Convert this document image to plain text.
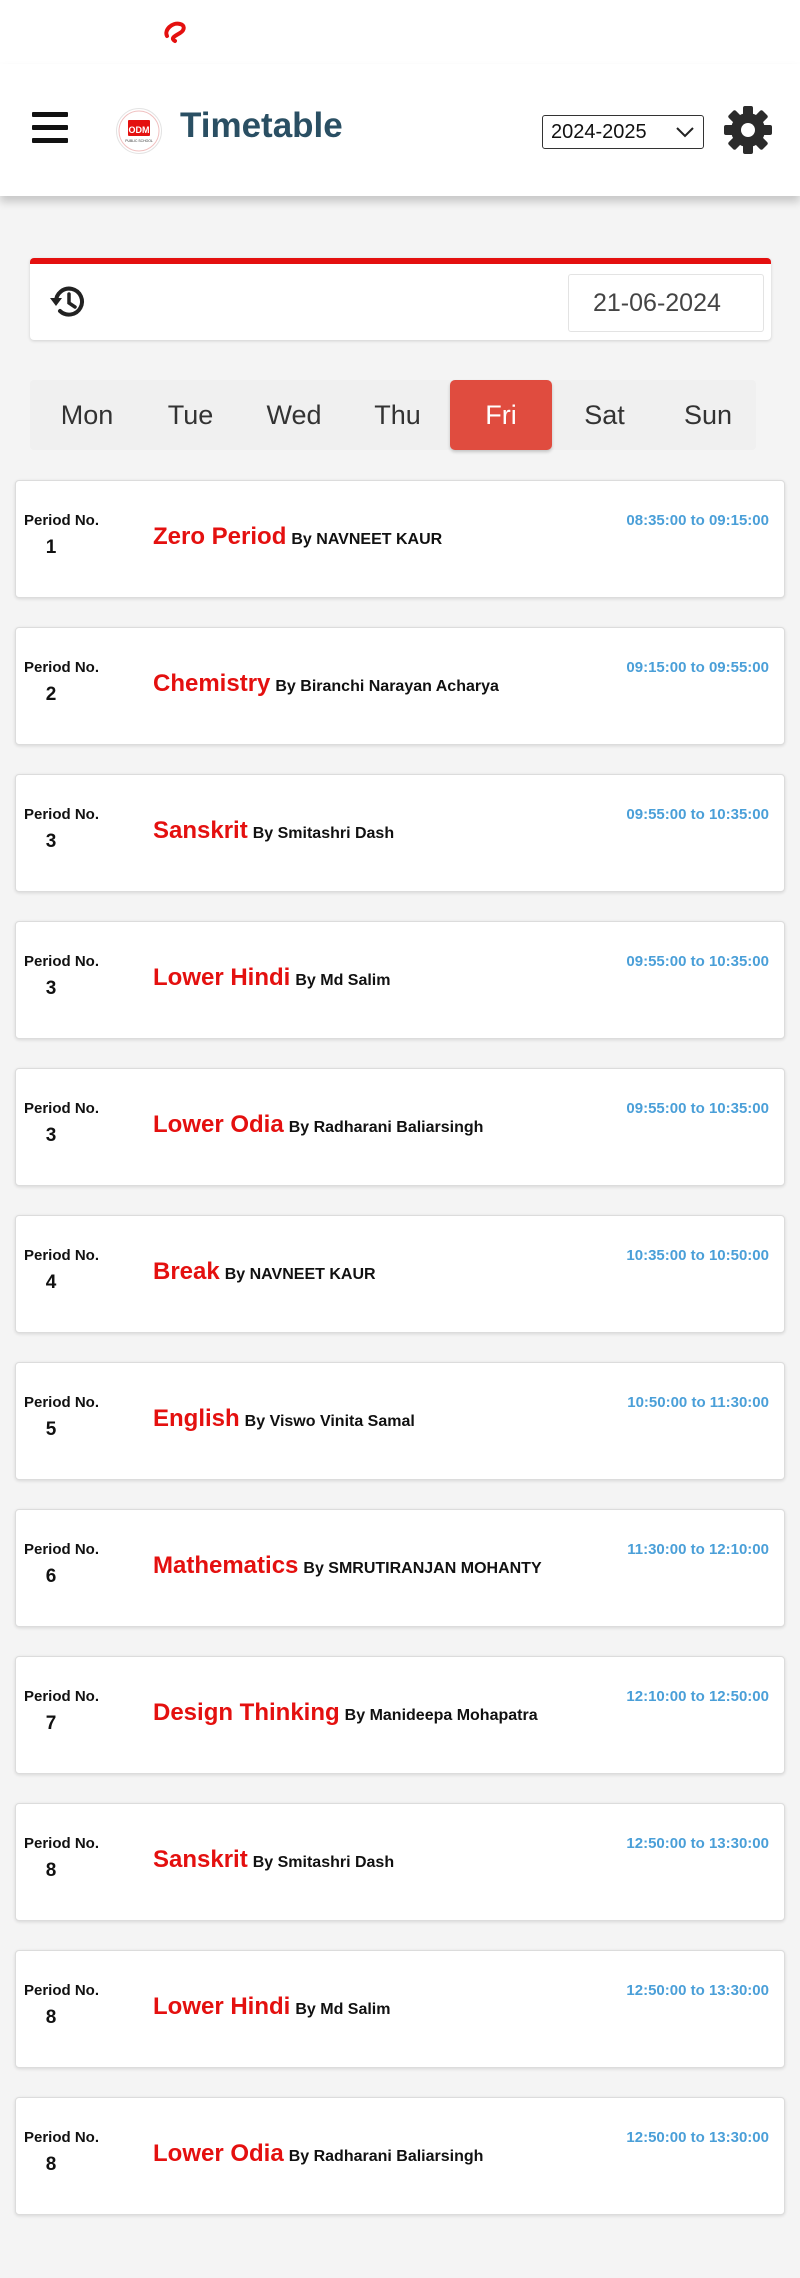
ODM
PUBLIC SCHOOL Timetable	2024-2025
21-06-2024
Mon	Tue	Wed	Thu	Fri	Sat	Sun
Period No.
1	Zero Period By NAVNEET KAUR
08:35:00 to 09:15:00
Period No.
2	Chemistry By Biranchi Narayan Acharya
09:15:00 to 09:55:00
Period No.
3	Sanskrit By Smitashri Dash
09:55:00 to 10:35:00
Period No.
3	Lower Hindi By Md Salim
09:55:00 to 10:35:00
Period No.
3	Lower Odia By Radharani Baliarsingh
09:55:00 to 10:35:00
Period No.
4	Break By NAVNEET KAUR
10:35:00 to 10:50:00
Period No.
5	English By Viswo Vinita Samal
10:50:00 to 11:30:00
Period No.
6	Mathematics By SMRUTIRANJAN MOHANTY
11:30:00 to 12:10:00
Period No.
7	Design Thinking By Manideepa Mohapatra
12:10:00 to 12:50:00
Period No.
8	Sanskrit By Smitashri Dash
12:50:00 to 13:30:00
Period No.
8	Lower Hindi By Md Salim
12:50:00 to 13:30:00
Period No.
8	Lower Odia By Radharani Baliarsingh
12:50:00 to 13:30:00
